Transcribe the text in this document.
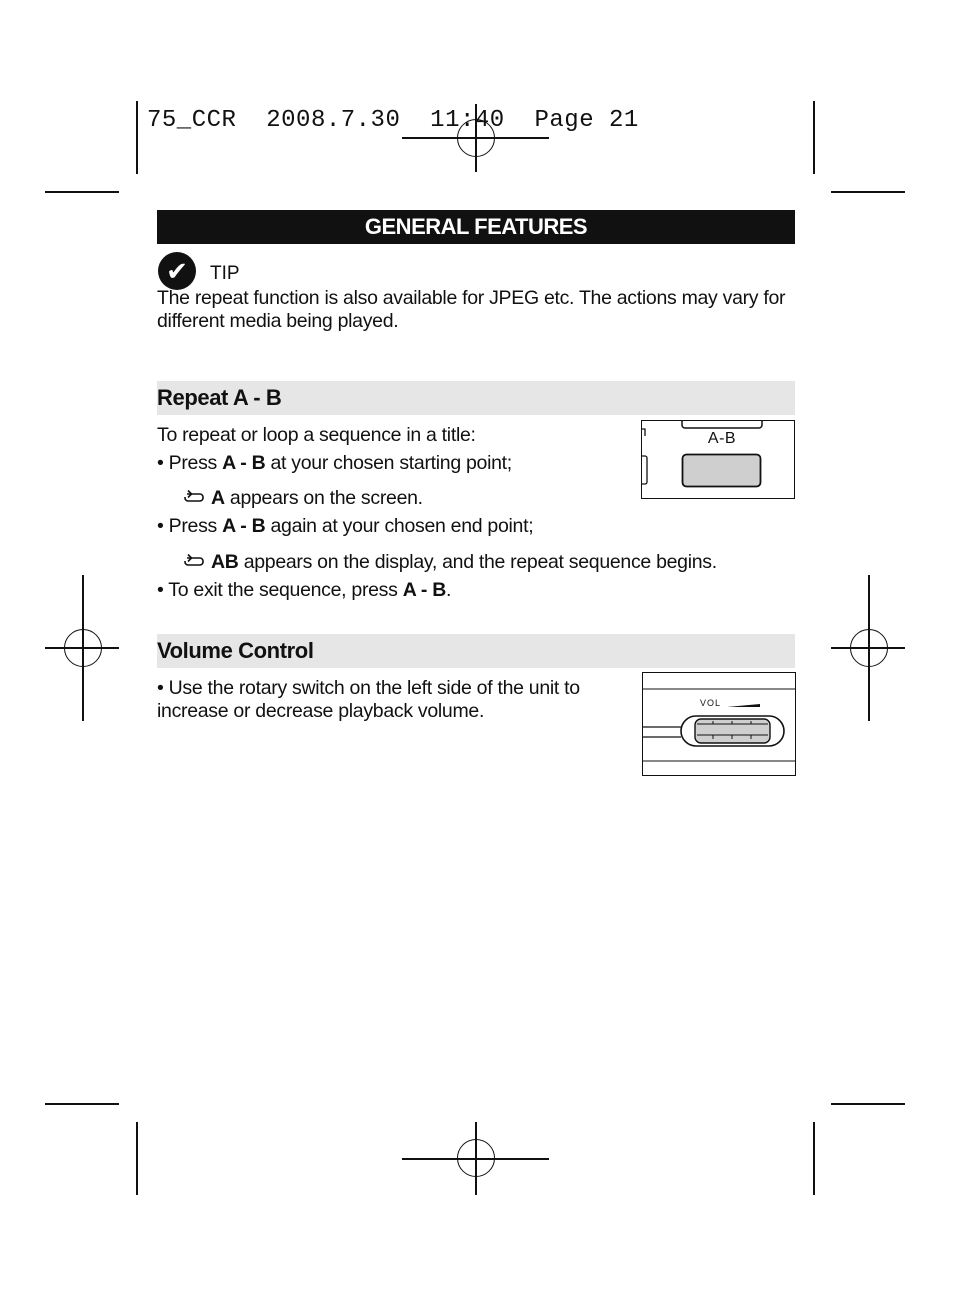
75_CCR 2008.7.30 11:40 Page 21
GENERAL FEATURES
✔	TIP
The repeat function is also available for JPEG etc. The actions may vary for different media being played.
Repeat A - B
To repeat or loop a sequence in a title:
• Press A - B at your chosen starting point;
A appears on the screen.
• Press A - B again at your chosen end point;
AB appears on the display, and the repeat sequence begins.
• To exit the sequence, press A - B.
A-B
Volume Control
• Use the rotary switch on the left side of the unit to
increase or decrease playback volume.	VOL
